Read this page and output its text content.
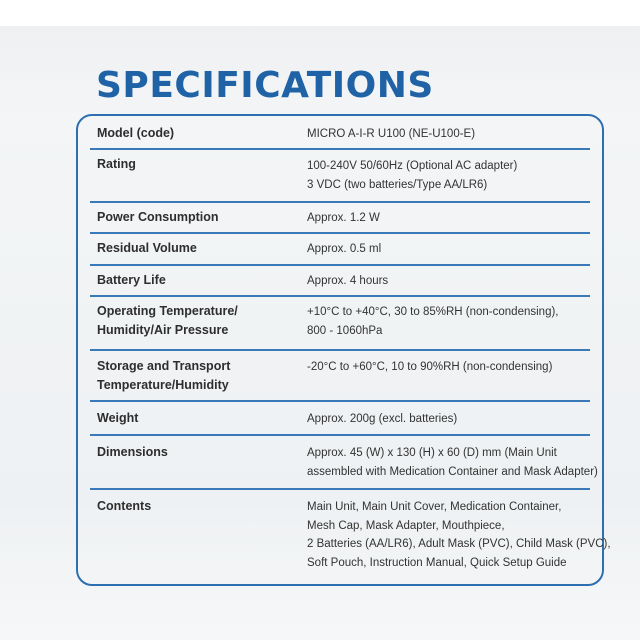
SPECIFICATIONS
Model (code)	MICRO A-I-R U100 (NE-U100-E)
Rating	100-240V 50/60Hz (Optional AC adapter)
3 VDC (two batteries/Type AA/LR6)
Power Consumption	Approx. 1.2 W
Residual Volume	Approx. 0.5 ml
Battery Life	Approx. 4 hours
Operating Temperature/
Humidity/Air Pressure
+10°C to +40°C, 30 to 85%RH (non-condensing),
800 - 1060hPa
Storage and Transport
Temperature/Humidity
-20°C to +60°C, 10 to 90%RH (non-condensing)
Weight	Approx. 200g (excl. batteries)
Dimensions	Approx. 45 (W) x 130 (H) x 60 (D) mm (Main Unit
assembled with Medication Container and Mask Adapter)
Contents	Main Unit, Main Unit Cover, Medication Container,
Mesh Cap, Mask Adapter, Mouthpiece,
2 Batteries (AA/LR6), Adult Mask (PVC), Child Mask (PVC),
Soft Pouch, Instruction Manual, Quick Setup Guide
